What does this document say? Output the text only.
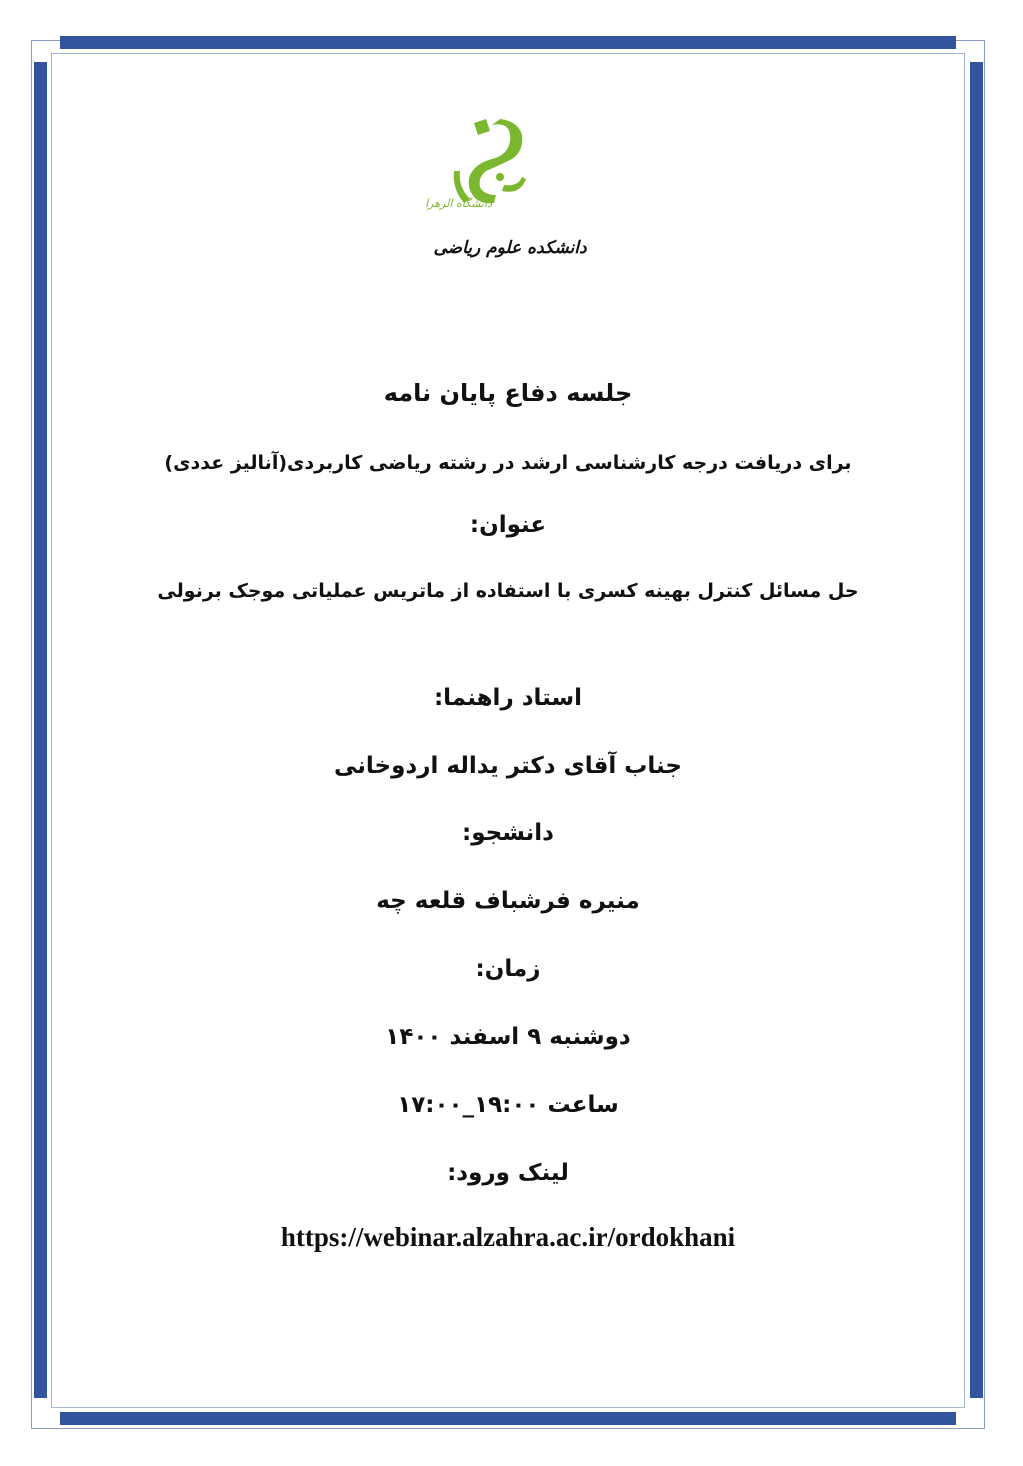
دانشگاه الزهرا
دانشکده علوم ریاضی
جلسه دفاع پایان نامه
برای دریافت درجه کارشناسی ارشد در رشته ریاضی کاربردی(آنالیز عددی)
عنوان:
حل مسائل کنترل بهینه کسری با استفاده از ماتریس عملیاتی موجک برنولی
استاد راهنما:
جناب آقای دکتر یداله اردوخانی
دانشجو:
منیره فرشباف قلعه چه
زمان:
دوشنبه ۹ اسفند ۱۴۰۰
ساعت ۱۹:۰۰_۱۷:۰۰
لینک ورود:
https://webinar.alzahra.ac.ir/ordokhani
